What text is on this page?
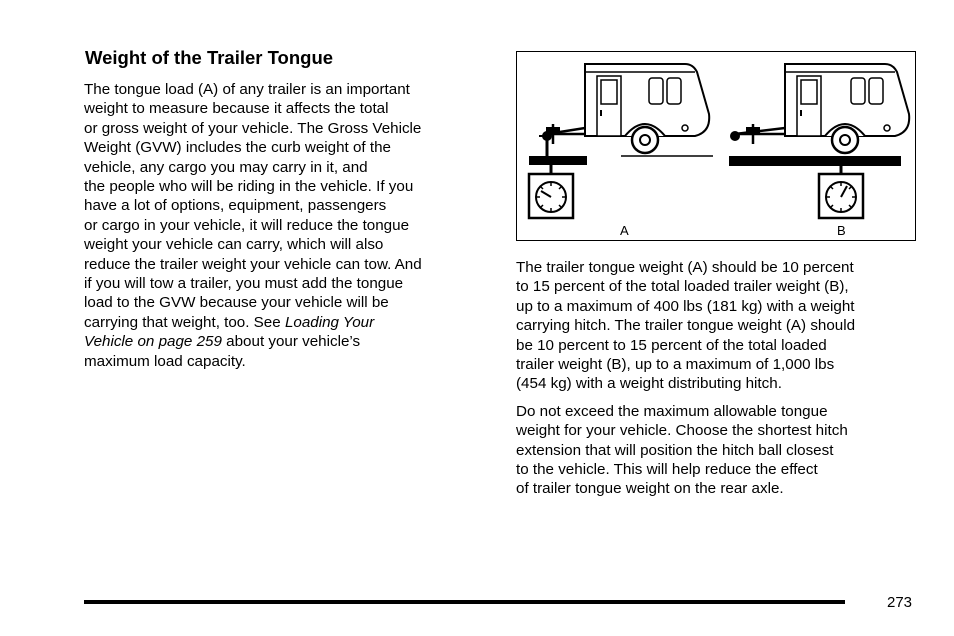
Weight of the Trailer Tongue

The tongue load (A) of any trailer is an important
weight to measure because it affects the total
or gross weight of your vehicle. The Gross Vehicle
Weight (GVW) includes the curb weight of the
vehicle, any cargo you may carry in it, and
the people who will be riding in the vehicle. If you
have a lot of options, equipment, passengers
or cargo in your vehicle, it will reduce the tongue
weight your vehicle can carry, which will also
reduce the trailer weight your vehicle can tow. And
if you will tow a trailer, you must add the tongue
load to the GVW because your vehicle will be
carrying that weight, too. See Loading Your
Vehicle on page 259 about your vehicle’s
maximum load capacity.

A	B

The trailer tongue weight (A) should be 10 percent
to 15 percent of the total loaded trailer weight (B),
up to a maximum of 400 lbs (181 kg) with a weight
carrying hitch. The trailer tongue weight (A) should
be 10 percent to 15 percent of the total loaded
trailer weight (B), up to a maximum of 1,000 lbs
(454 kg) with a weight distributing hitch.

Do not exceed the maximum allowable tongue
weight for your vehicle. Choose the shortest hitch
extension that will position the hitch ball closest
to the vehicle. This will help reduce the effect
of trailer tongue weight on the rear axle.

273
